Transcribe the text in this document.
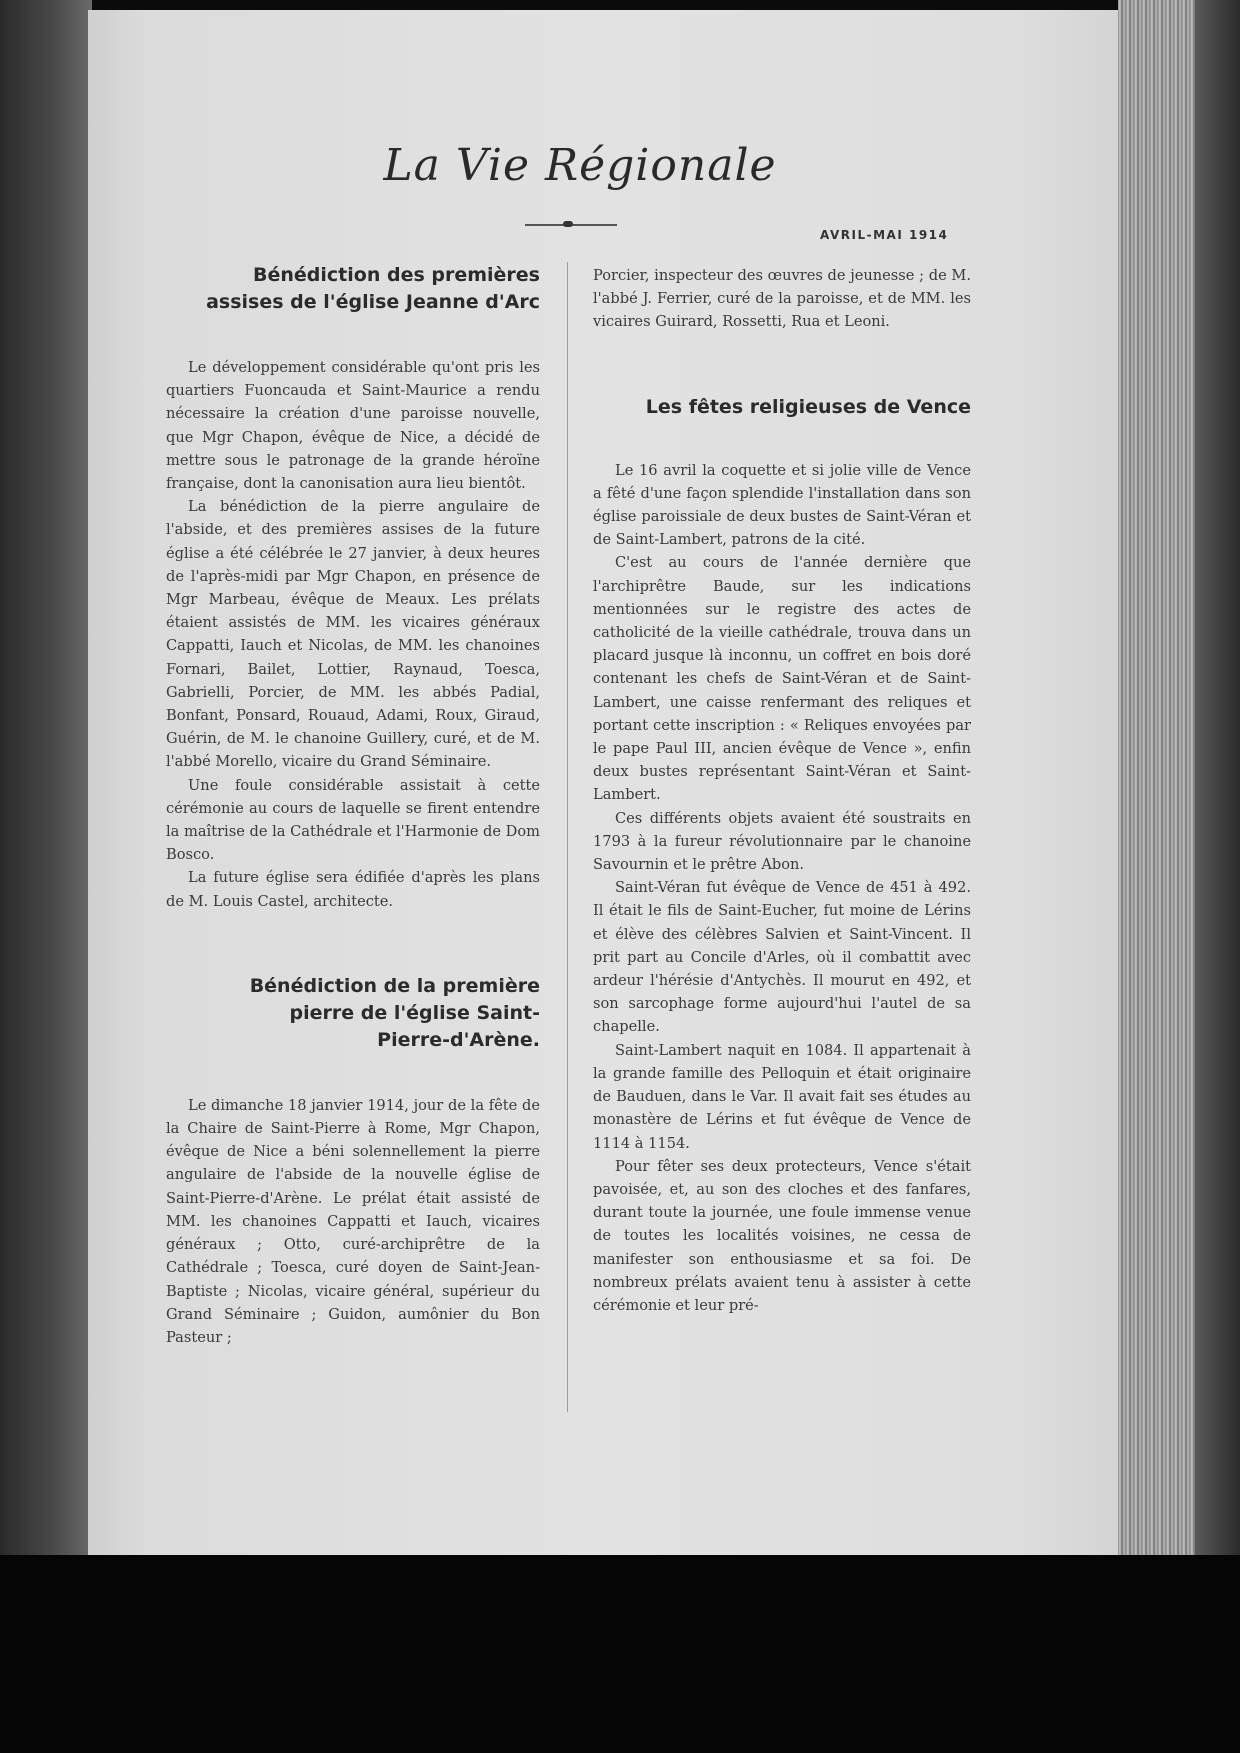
La Vie Régionale
AVRIL-MAI 1914
Bénédiction des premières
assises de l'église Jeanne d'Arc

Le développement considérable qu'ont pris les quartiers Fuoncauda et Saint-Maurice a rendu nécessaire la création d'une paroisse nouvelle, que Mgr Chapon, évêque de Nice, a décidé de mettre sous le patronage de la grande héroïne française, dont la canonisation aura lieu bientôt.

La bénédiction de la pierre angulaire de l'abside, et des premières assises de la future église a été célébrée le 27 janvier, à deux heures de l'après-midi par Mgr Chapon, en présence de Mgr Marbeau, évêque de Meaux. Les prélats étaient assistés de MM. les vicaires généraux Cappatti, Iauch et Nicolas, de MM. les chanoines Fornari, Bailet, Lottier, Raynaud, Toesca, Gabrielli, Porcier, de MM. les abbés Padial, Bonfant, Ponsard, Rouaud, Adami, Roux, Giraud, Guérin, de M. le chanoine Guillery, curé, et de M. l'abbé Morello, vicaire du Grand Séminaire.

Une foule considérable assistait à cette cérémonie au cours de laquelle se firent entendre la maîtrise de la Cathédrale et l'Harmonie de Dom Bosco.

La future église sera édifiée d'après les plans de M. Louis Castel, architecte.

Bénédiction de la première
pierre de l'église Saint-
Pierre-d'Arène.

Le dimanche 18 janvier 1914, jour de la fête de la Chaire de Saint-Pierre à Rome, Mgr Chapon, évêque de Nice a béni solennellement la pierre angulaire de l'abside de la nouvelle église de Saint-Pierre-d'Arène. Le prélat était assisté de MM. les chanoines Cappatti et Iauch, vicaires généraux ; Otto, curé-archiprêtre de la Cathédrale ; Toesca, curé doyen de Saint-Jean-Baptiste ; Nicolas, vicaire général, supérieur du Grand Séminaire ; Guidon, aumônier du Bon Pasteur ;

Porcier, inspecteur des œuvres de jeunesse ; de M. l'abbé J. Ferrier, curé de la paroisse, et de MM. les vicaires Guirard, Rossetti, Rua et Leoni.

Les fêtes religieuses de Vence

Le 16 avril la coquette et si jolie ville de Vence a fêté d'une façon splendide l'installation dans son église paroissiale de deux bustes de Saint-Véran et de Saint-Lambert, patrons de la cité.

C'est au cours de l'année dernière que l'archiprêtre Baude, sur les indications mentionnées sur le registre des actes de catholicité de la vieille cathédrale, trouva dans un placard jusque là inconnu, un coffret en bois doré contenant les chefs de Saint-Véran et de Saint-Lambert, une caisse renfermant des reliques et portant cette inscription : « Reliques envoyées par le pape Paul III, ancien évêque de Vence », enfin deux bustes représentant Saint-Véran et Saint-Lambert.

Ces différents objets avaient été soustraits en 1793 à la fureur révolutionnaire par le chanoine Savournin et le prêtre Abon.

Saint-Véran fut évêque de Vence de 451 à 492. Il était le fils de Saint-Eucher, fut moine de Lérins et élève des célèbres Salvien et Saint-Vincent. Il prit part au Concile d'Arles, où il combattit avec ardeur l'hérésie d'Antychès. Il mourut en 492, et son sarcophage forme aujourd'hui l'autel de sa chapelle.

Saint-Lambert naquit en 1084. Il appartenait à la grande famille des Pelloquin et était originaire de Bauduen, dans le Var. Il avait fait ses études au monastère de Lérins et fut évêque de Vence de 1114 à 1154.

Pour fêter ses deux protecteurs, Vence s'était pavoisée, et, au son des cloches et des fanfares, durant toute la journée, une foule immense venue de toutes les localités voisines, ne cessa de manifester son enthousiasme et sa foi. De nombreux prélats avaient tenu à assister à cette cérémonie et leur pré-
